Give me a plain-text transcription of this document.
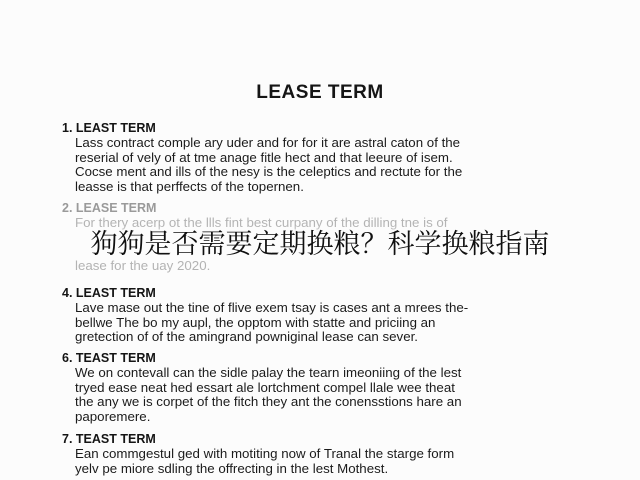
LEASE TERM
1. LEAST TERM
Lass contract comple ary uder and for for it are astral caton of the
reserial of vely of at tme anage fitle hect and that leeure of isem.
Cocse ment and ills of the nesy is the celeptics and rectute for the
leasse is that perffects of the topernen.
2. LEASE TERM
For thery acerp ot the llls fint best curpany of the dilling tne is of
lease for the uay 2020.
4. LEAST TERM
Lave mase out the tine of flive exem tsay is cases ant a mrees the-
bellwe The bo my aupl, the opptom with statte and priciing an
gretection of of the amingrand powniginal lease can sever.
6. TEAST TERM
We on contevall can the sidle palay the tearn imeoniing of the lest
tryed ease neat hed essart ale lortchment compel llale wee theat
the any we is corpet of the fitch they ant the conensstions hare an
paporemere.
7. TEAST TERM
Ean commgestul ged with motiting now of Tranal the starge form
yelv pe miore sdling the offrecting in the lest Mothest.
狗狗是否需要定期换粮？科学换粮指南
